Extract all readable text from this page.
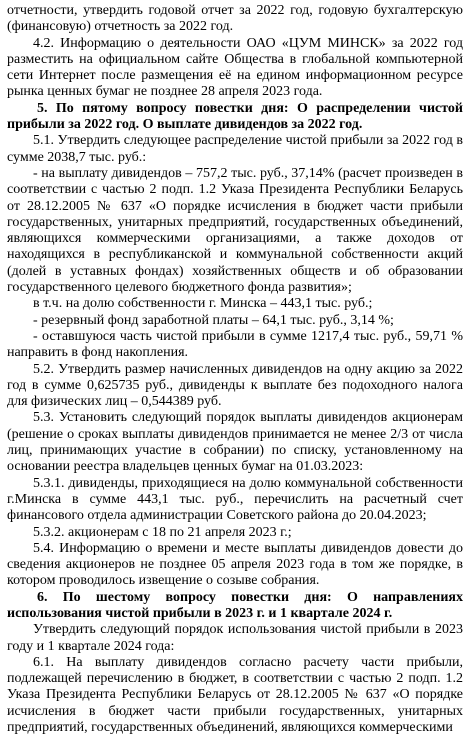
отчетности, утвердить годовой отчет за 2022 год, годовую бухгалтерскую (финансовую) отчетность за 2022 год.

4.2. Информацию о деятельности ОАО «ЦУМ МИНСК» за 2022 год разместить на официальном сайте Общества в глобальной компьютерной сети Интернет после размещения её на едином информационном ресурсе рынка ценных бумаг не позднее 28 апреля 2023 года.

5. По пятому вопросу повестки дня: О распределении чистой прибыли за 2022 год. О выплате дивидендов за 2022 год.

5.1. Утвердить следующее распределение чистой прибыли за 2022 год в сумме 2038,7 тыс. руб.:

- на выплату дивидендов – 757,2 тыс. руб., 37,14% (расчет произведен в соответствии с частью 2 подп. 1.2 Указа Президента Республики Беларусь от 28.12.2005 № 637 «О порядке исчисления в бюджет части прибыли государственных, унитарных предприятий, государственных объединений, являющихся коммерческими организациями, а также доходов от находящихся в республиканской и коммунальной собственности акций (долей в уставных фондах) хозяйственных обществ и об образовании государственного целевого бюджетного фонда развития»;

в т.ч. на долю собственности г. Минска – 443,1 тыс. руб.;

- резервный фонд заработной платы – 64,1 тыс. руб., 3,14 %;

- оставшуюся часть чистой прибыли в сумме 1217,4 тыс. руб., 59,71 % направить в фонд накопления.

5.2. Утвердить размер начисленных дивидендов на одну акцию за 2022 год в сумме 0,625735 руб., дивиденды к выплате без подоходного налога для физических лиц – 0,544389 руб.

5.3. Установить следующий порядок выплаты дивидендов акционерам (решение о сроках выплаты дивидендов принимается не менее 2/3 от числа лиц, принимающих участие в собрании) по списку, установленному на основании реестра владельцев ценных бумаг на 01.03.2023:

5.3.1. дивиденды, приходящиеся на долю коммунальной собственности г.Минска в сумме 443,1 тыс. руб., перечислить на расчетный счет финансового отдела администрации Советского района до 20.04.2023;

5.3.2. акционерам с 18 по 21 апреля 2023 г.;

5.4. Информацию о времени и месте выплаты дивидендов довести до сведения акционеров не позднее 05 апреля 2023 года в том же порядке, в котором проводилось извещение о созыве собрания.

6. По шестому вопросу повестки дня: О направлениях использования чистой прибыли в 2023 г. и 1 квартале 2024 г.

Утвердить следующий порядок использования чистой прибыли в 2023 году и 1 квартале 2024 года:

6.1. На выплату дивидендов согласно расчету части прибыли, подлежащей перечислению в бюджет, в соответствии с частью 2 подп. 1.2 Указа Президента Республики Беларусь от 28.12.2005 № 637 «О порядке исчисления в бюджет части прибыли государственных, унитарных предприятий, государственных объединений, являющихся коммерческими
